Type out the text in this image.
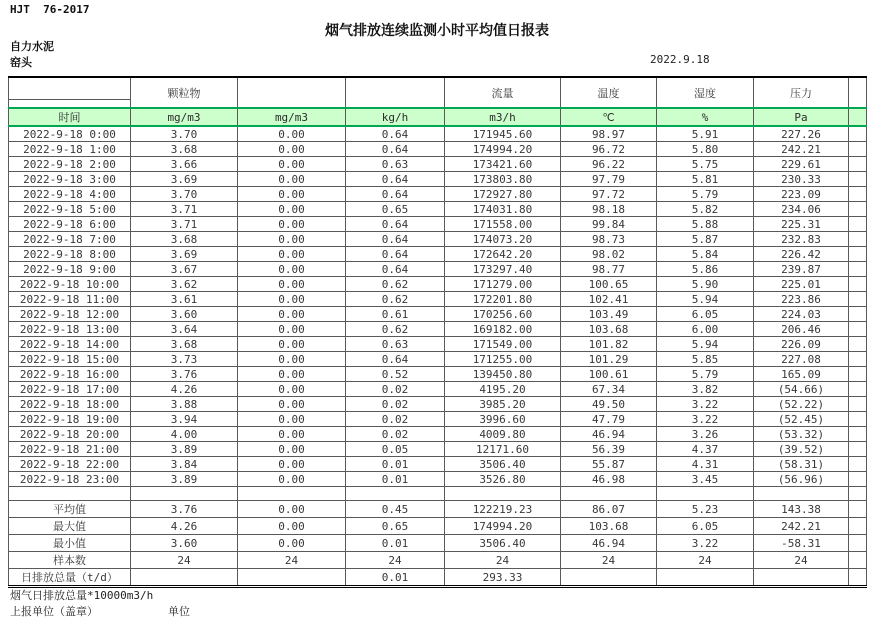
HJT  76-2017
烟气排放连续监测小时平均值日报表
自力水泥
窑头	2022.9.18
	颗粒物			流量	温度	湿度	压力	
时间	mg/m3	mg/m3	kg/h	m3/h	℃	%	Pa	
2022-9-18 0:00	3.70	0.00	0.64	171945.60	98.97	5.91	227.26	
2022-9-18 1:00	3.68	0.00	0.64	174994.20	96.72	5.80	242.21	
2022-9-18 2:00	3.66	0.00	0.63	173421.60	96.22	5.75	229.61	
2022-9-18 3:00	3.69	0.00	0.64	173803.80	97.79	5.81	230.33	
2022-9-18 4:00	3.70	0.00	0.64	172927.80	97.72	5.79	223.09	
2022-9-18 5:00	3.71	0.00	0.65	174031.80	98.18	5.82	234.06	
2022-9-18 6:00	3.71	0.00	0.64	171558.00	99.84	5.88	225.31	
2022-9-18 7:00	3.68	0.00	0.64	174073.20	98.73	5.87	232.83	
2022-9-18 8:00	3.69	0.00	0.64	172642.20	98.02	5.84	226.42	
2022-9-18 9:00	3.67	0.00	0.64	173297.40	98.77	5.86	239.87	
2022-9-18 10:00	3.62	0.00	0.62	171279.00	100.65	5.90	225.01	
2022-9-18 11:00	3.61	0.00	0.62	172201.80	102.41	5.94	223.86	
2022-9-18 12:00	3.60	0.00	0.61	170256.60	103.49	6.05	224.03	
2022-9-18 13:00	3.64	0.00	0.62	169182.00	103.68	6.00	206.46	
2022-9-18 14:00	3.68	0.00	0.63	171549.00	101.82	5.94	226.09	
2022-9-18 15:00	3.73	0.00	0.64	171255.00	101.29	5.85	227.08	
2022-9-18 16:00	3.76	0.00	0.52	139450.80	100.61	5.79	165.09	
2022-9-18 17:00	4.26	0.00	0.02	4195.20	67.34	3.82	(54.66)	
2022-9-18 18:00	3.88	0.00	0.02	3985.20	49.50	3.22	(52.22)	
2022-9-18 19:00	3.94	0.00	0.02	3996.60	47.79	3.22	(52.45)	
2022-9-18 20:00	4.00	0.00	0.02	4009.80	46.94	3.26	(53.32)	
2022-9-18 21:00	3.89	0.00	0.05	12171.60	56.39	4.37	(39.52)	
2022-9-18 22:00	3.84	0.00	0.01	3506.40	55.87	4.31	(58.31)	
2022-9-18 23:00	3.89	0.00	0.01	3526.80	46.98	3.45	(56.96)	

平均值	3.76	0.00	0.45	122219.23	86.07	5.23	143.38	
最大值	4.26	0.00	0.65	174994.20	103.68	6.05	242.21	
最小值	3.60	0.00	0.01	3506.40	46.94	3.22	-58.31	
样本数	24	24	24	24	24	24	24	
日排放总量（t/d）			0.01	293.33				
烟气日排放总量*10000m3/h
上报单位（盖章）	单位
